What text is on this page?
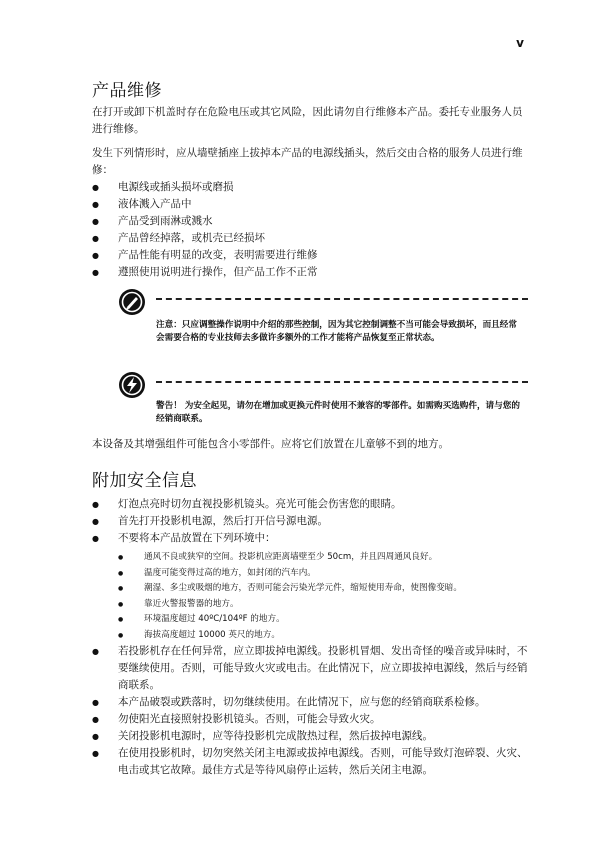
v
产品维修

在打开或卸下机盖时存在危险电压或其它风险，因此请勿自行维修本产品。委托专业服务人员进行维修。

发生下列情形时，应从墙壁插座上拔掉本产品的电源线插头，然后交由合格的服务人员进行维修：

● 电源线或插头损坏或磨损
● 液体溅入产品中
● 产品受到雨淋或溅水
● 产品曾经掉落，或机壳已经损坏
● 产品性能有明显的改变，表明需要进行维修
● 遵照使用说明进行操作，但产品工作不正常

注意：只应调整操作说明中介绍的那些控制，因为其它控制调整不当可能会导致损坏，而且经常会需要合格的专业技师去多做许多额外的工作才能将产品恢复至正常状态。

警告！ 为安全起见，请勿在增加或更换元件时使用不兼容的零部件。如需购买选购件，请与您的经销商联系。

本设备及其增强组件可能包含小零部件。应将它们放置在儿童够不到的地方。

附加安全信息
● 灯泡点亮时切勿直视投影机镜头。亮光可能会伤害您的眼睛。
● 首先打开投影机电源，然后打开信号源电源。
● 不要将本产品放置在下列环境中：
● 通风不良或狭窄的空间。投影机应距离墙壁至少 50cm，并且四周通风良好。
● 温度可能变得过高的地方，如封闭的汽车内。
● 潮湿、多尘或吸烟的地方，否则可能会污染光学元件，缩短使用寿命，使图像变暗。
● 靠近火警报警器的地方。
● 环境温度超过 40ºC/104ºF 的地方。
● 海拔高度超过 10000 英尺的地方。
● 若投影机存在任何异常，应立即拔掉电源线。投影机冒烟、发出奇怪的噪音或异味时，不要继续使用。否则，可能导致火灾或电击。在此情况下，应立即拔掉电源线，然后与经销商联系。
● 本产品破裂或跌落时，切勿继续使用。在此情况下，应与您的经销商联系检修。
● 勿使阳光直接照射投影机镜头。否则，可能会导致火灾。
● 关闭投影机电源时，应等待投影机完成散热过程，然后拔掉电源线。
● 在使用投影机时，切勿突然关闭主电源或拔掉电源线。否则，可能导致灯泡碎裂、火灾、电击或其它故障。最佳方式是等待风扇停止运转，然后关闭主电源。
